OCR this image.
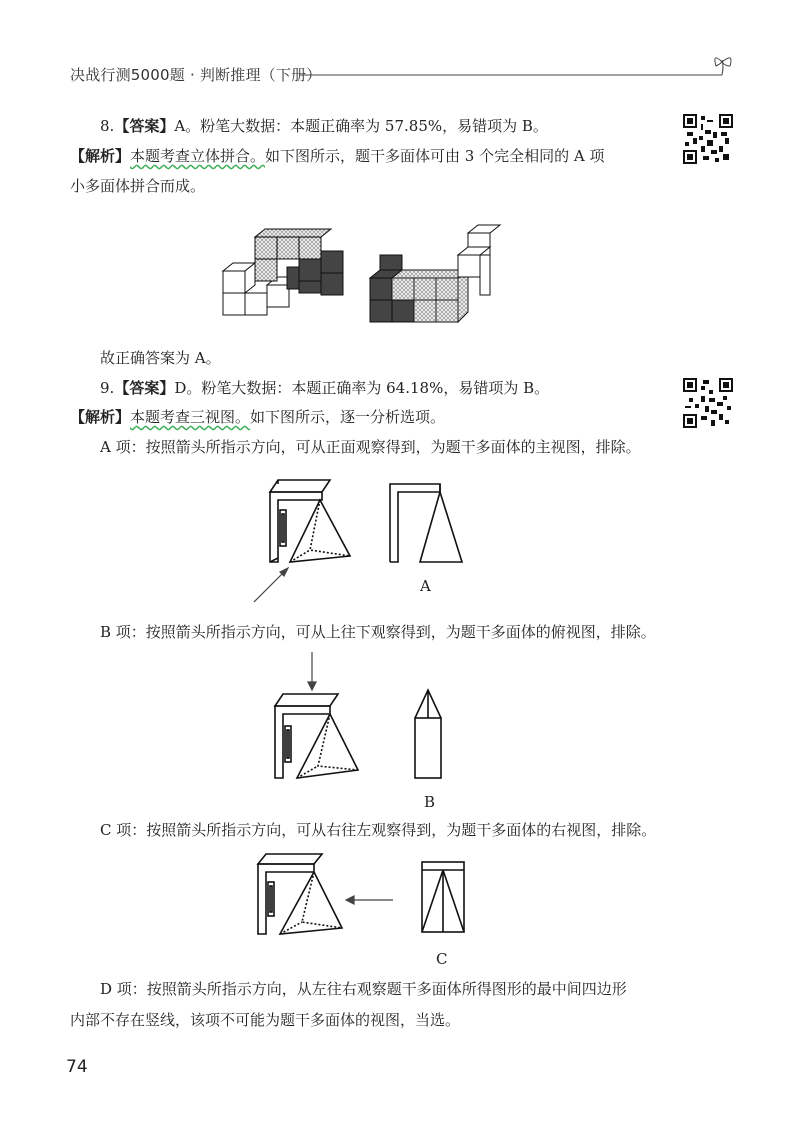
决战行测5000题 · 判断推理（下册）
8.【答案】A。粉笔大数据：本题正确率为 57.85%，易错项为 B。
【解析】本题考查立体拼合。如下图所示，题干多面体可由 3 个完全相同的 A 项
小多面体拼合而成。
故正确答案为 A。
9.【答案】D。粉笔大数据：本题正确率为 64.18%，易错项为 B。
【解析】本题考查三视图。如下图所示，逐一分析选项。
A 项：按照箭头所指示方向，可从正面观察得到，为题干多面体的主视图，排除。
A
B 项：按照箭头所指示方向，可从上往下观察得到，为题干多面体的俯视图，排除。
B
C 项：按照箭头所指示方向，可从右往左观察得到，为题干多面体的右视图，排除。
C
D 项：按照箭头所指示方向，从左往右观察题干多面体所得图形的最中间四边形
内部不存在竖线，该项不可能为题干多面体的视图，当选。
74
